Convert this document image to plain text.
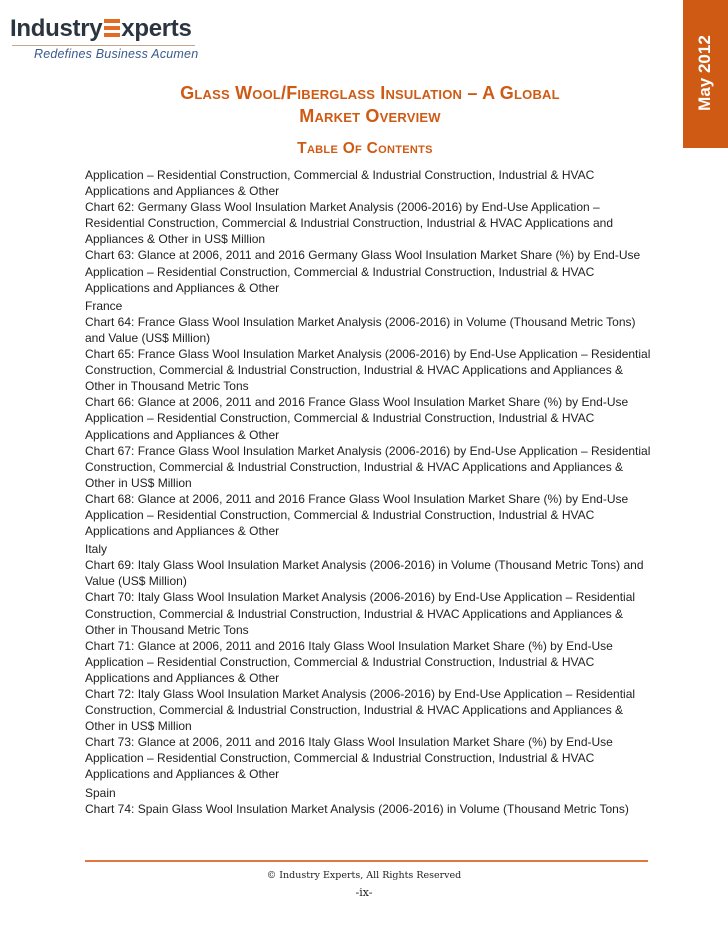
Industry xperts
Redefines Business Acumen	May 2012
Glass Wool/Fiberglass Insulation – A Global
Market Overview
Table Of Contents
Application – Residential Construction, Commercial & Industrial Construction, Industrial & HVAC
Applications and Appliances & Other
Chart 62: Germany Glass Wool Insulation Market Analysis (2006-2016) by End-Use Application –
Residential Construction, Commercial & Industrial Construction, Industrial & HVAC Applications and
Appliances & Other in US$ Million
Chart 63: Glance at 2006, 2011 and 2016 Germany Glass Wool Insulation Market Share (%) by End-Use
Application – Residential Construction, Commercial & Industrial Construction, Industrial & HVAC
Applications and Appliances & Other
France
Chart 64: France Glass Wool Insulation Market Analysis (2006-2016) in Volume (Thousand Metric Tons)
and Value (US$ Million)
Chart 65: France Glass Wool Insulation Market Analysis (2006-2016) by End-Use Application – Residential
Construction, Commercial & Industrial Construction, Industrial & HVAC Applications and Appliances &
Other in Thousand Metric Tons
Chart 66: Glance at 2006, 2011 and 2016 France Glass Wool Insulation Market Share (%) by End-Use
Application – Residential Construction, Commercial & Industrial Construction, Industrial & HVAC
Applications and Appliances & Other
Chart 67: France Glass Wool Insulation Market Analysis (2006-2016) by End-Use Application – Residential
Construction, Commercial & Industrial Construction, Industrial & HVAC Applications and Appliances &
Other in US$ Million
Chart 68: Glance at 2006, 2011 and 2016 France Glass Wool Insulation Market Share (%) by End-Use
Application – Residential Construction, Commercial & Industrial Construction, Industrial & HVAC
Applications and Appliances & Other
Italy
Chart 69: Italy Glass Wool Insulation Market Analysis (2006-2016) in Volume (Thousand Metric Tons) and
Value (US$ Million)
Chart 70: Italy Glass Wool Insulation Market Analysis (2006-2016) by End-Use Application – Residential
Construction, Commercial & Industrial Construction, Industrial & HVAC Applications and Appliances &
Other in Thousand Metric Tons
Chart 71: Glance at 2006, 2011 and 2016 Italy Glass Wool Insulation Market Share (%) by End-Use
Application – Residential Construction, Commercial & Industrial Construction, Industrial & HVAC
Applications and Appliances & Other
Chart 72: Italy Glass Wool Insulation Market Analysis (2006-2016) by End-Use Application – Residential
Construction, Commercial & Industrial Construction, Industrial & HVAC Applications and Appliances &
Other in US$ Million
Chart 73: Glance at 2006, 2011 and 2016 Italy Glass Wool Insulation Market Share (%) by End-Use
Application – Residential Construction, Commercial & Industrial Construction, Industrial & HVAC
Applications and Appliances & Other
Spain
Chart 74: Spain Glass Wool Insulation Market Analysis (2006-2016) in Volume (Thousand Metric Tons)
© Industry Experts, All Rights Reserved
-ix-
